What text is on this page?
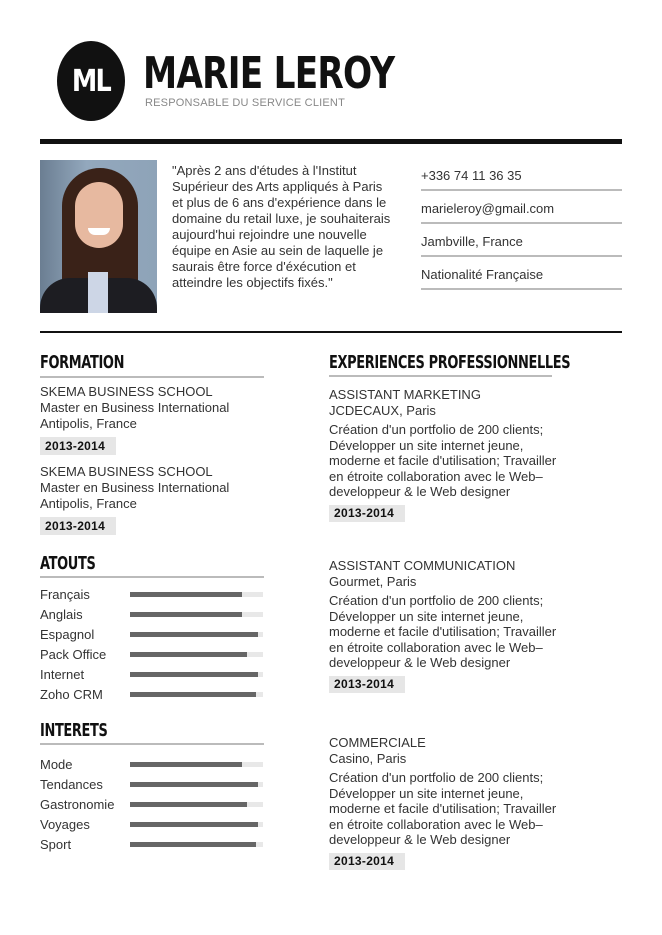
ML MARIE LEROY
RESPONSABLE DU SERVICE CLIENT
"Après 2 ans d'études à l'Institut Supérieur des Arts appliqués à Paris et plus de 6 ans d'expérience dans le domaine du retail luxe, je souhaiterais aujourd'hui rejoindre une nouvelle équipe en Asie au sein de laquelle je saurais être force d'éxécution et atteindre les objectifs fixés."
+336 74 11 36 35
marieleroy@gmail.com
Jambville, France
Nationalité Française
FORMATION
SKEMA BUSINESS SCHOOL
Master en Business International
Antipolis, France
2013-2014
SKEMA BUSINESS SCHOOL
Master en Business International
Antipolis, France
2013-2014
ATOUTS
Français
Anglais
Espagnol
Pack Office
Internet
Zoho CRM
INTERETS
Mode
Tendances
Gastronomie
Voyages
Sport
EXPERIENCES PROFESSIONNELLES
ASSISTANT MARKETING
JCDECAUX, Paris
Création d'un portfolio de 200 clients; Développer un site internet jeune, moderne et facile d'utilisation; Travailler en étroite collaboration avec le Web– developpeur & le Web designer
2013-2014
ASSISTANT COMMUNICATION
Gourmet, Paris
Création d'un portfolio de 200 clients; Développer un site internet jeune, moderne et facile d'utilisation; Travailler en étroite collaboration avec le Web– developpeur & le Web designer
2013-2014
COMMERCIALE
Casino, Paris
Création d'un portfolio de 200 clients; Développer un site internet jeune, moderne et facile d'utilisation; Travailler en étroite collaboration avec le Web– developpeur & le Web designer
2013-2014
